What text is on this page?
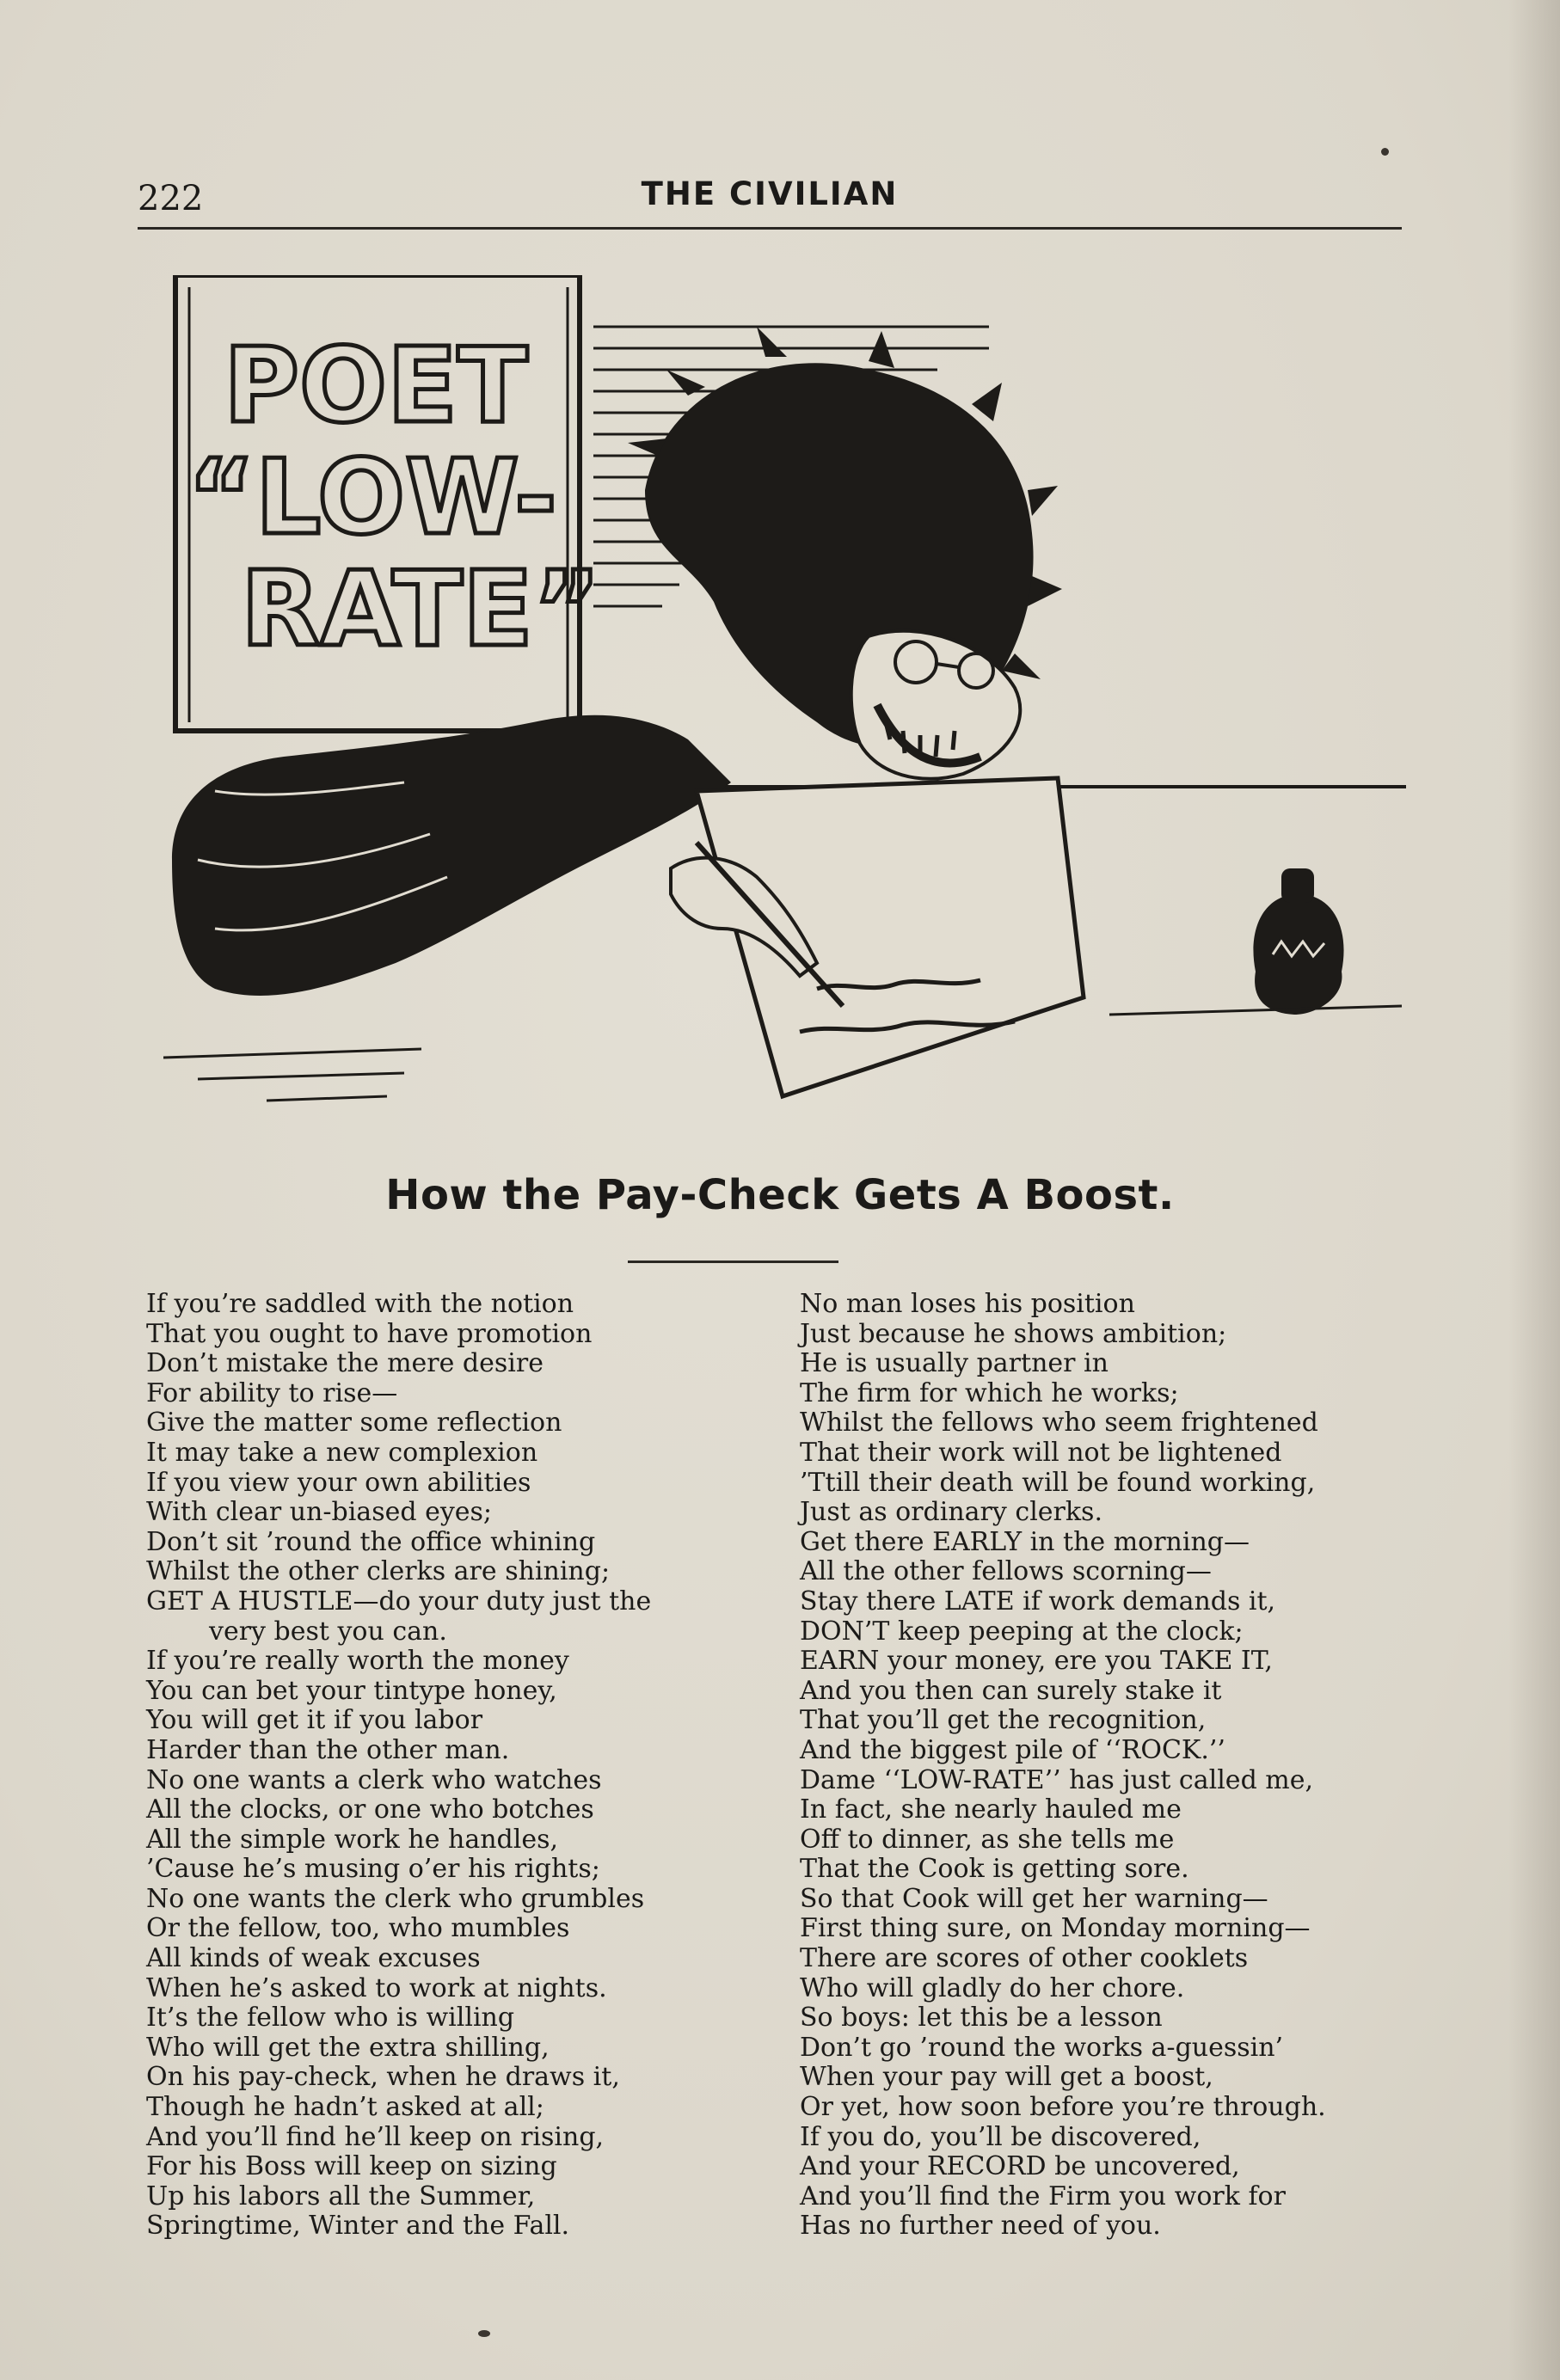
222	THE CIVILIAN
POET
“LOW-
RATE”
How the Pay-Check Gets A Boost.
If you’re saddled with the notion
That you ought to have promotion
Don’t mistake the mere desire
For ability to rise—
Give the matter some reflection
It may take a new complexion
If you view your own abilities
With clear un-biased eyes;
Don’t sit ’round the office whining
Whilst the other clerks are shining;
GET A HUSTLE—do your duty just the
very best you can.
If you’re really worth the money
You can bet your tintype honey,
You will get it if you labor
Harder than the other man.
No one wants a clerk who watches
All the clocks, or one who botches
All the simple work he handles,
’Cause he’s musing o’er his rights;
No one wants the clerk who grumbles
Or the fellow, too, who mumbles
All kinds of weak excuses
When he’s asked to work at nights.
It’s the fellow who is willing
Who will get the extra shilling,
On his pay-check, when he draws it,
Though he hadn’t asked at all;
And you’ll find he’ll keep on rising,
For his Boss will keep on sizing
Up his labors all the Summer,
Springtime, Winter and the Fall.
No man loses his position
Just because he shows ambition;
He is usually partner in
The firm for which he works;
Whilst the fellows who seem frightened
That their work will not be lightened
’Ttill their death will be found working,
Just as ordinary clerks.
Get there EARLY in the morning—
All the other fellows scorning—
Stay there LATE if work demands it,
DON’T keep peeping at the clock;
EARN your money, ere you TAKE IT,
And you then can surely stake it
That you’ll get the recognition,
And the biggest pile of ‘‘ROCK.’’
Dame ‘‘LOW-RATE’’ has just called me,
In fact, she nearly hauled me
Off to dinner, as she tells me
That the Cook is getting sore.
So that Cook will get her warning—
First thing sure, on Monday morning—
There are scores of other cooklets
Who will gladly do her chore.
So boys: let this be a lesson
Don’t go ’round the works a-guessin’
When your pay will get a boost,
Or yet, how soon before you’re through.
If you do, you’ll be discovered,
And your RECORD be uncovered,
And you’ll find the Firm you work for
Has no further need of you.
